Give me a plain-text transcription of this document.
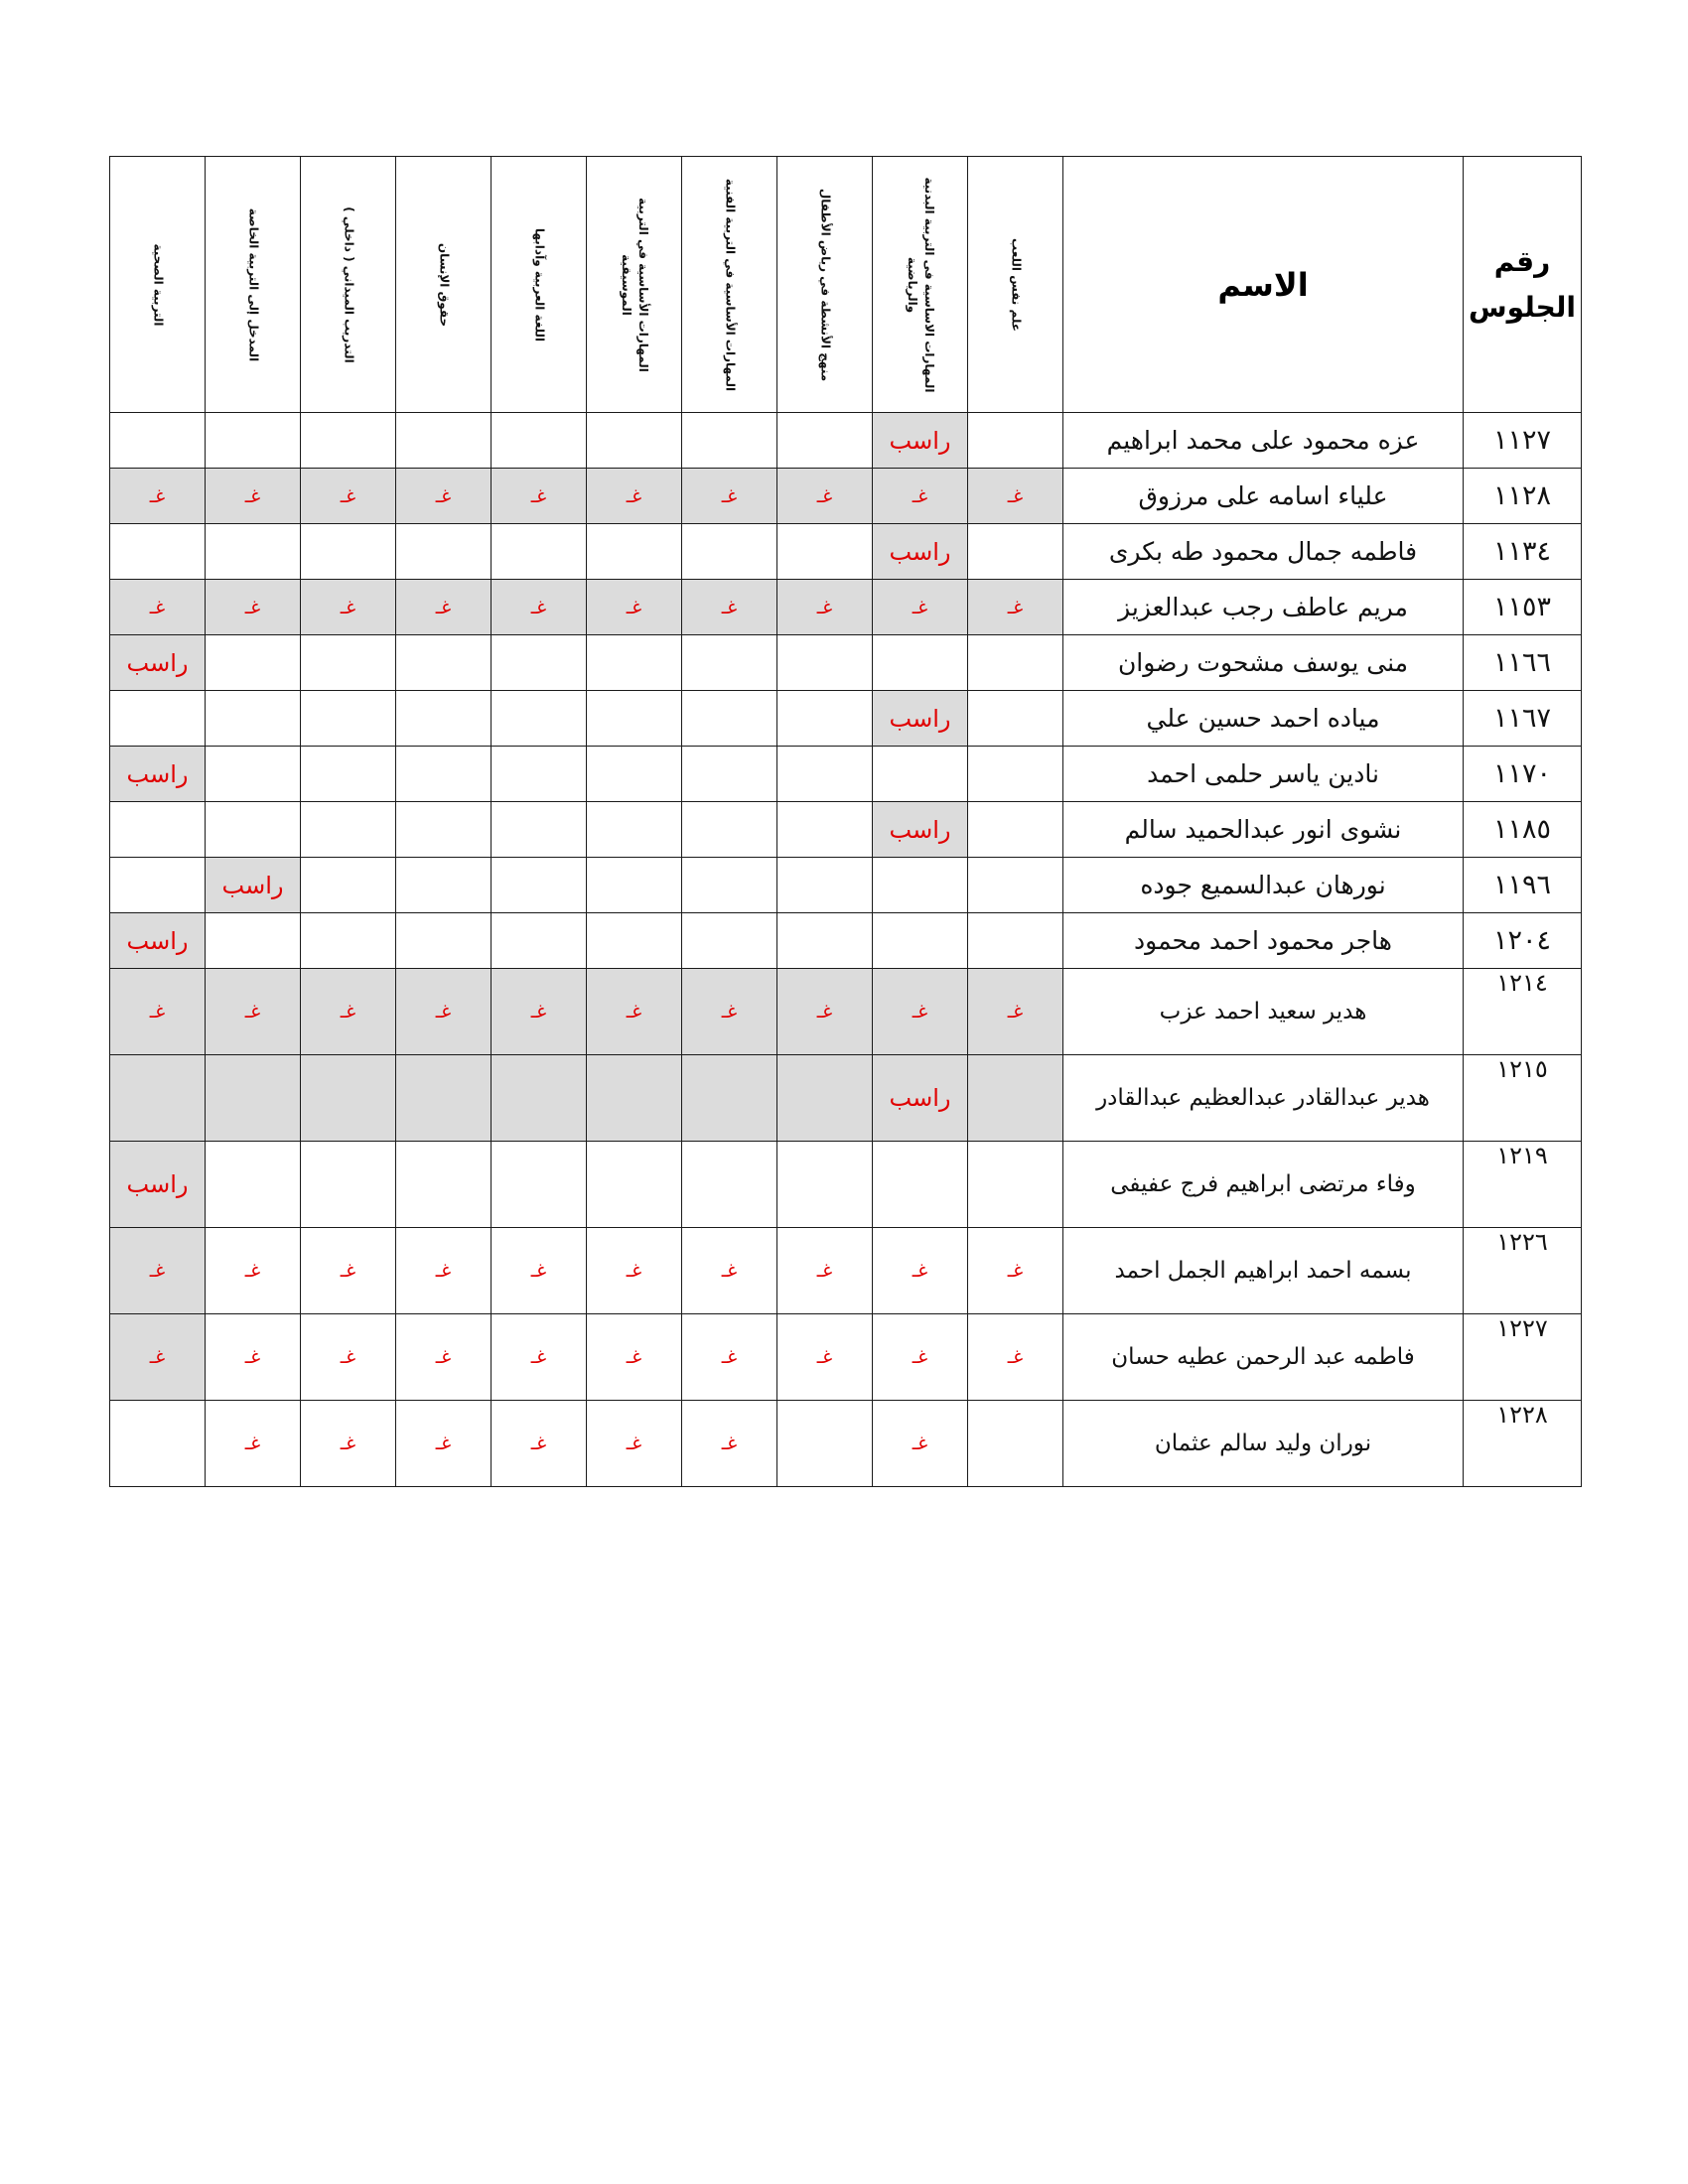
رقم الجلوس	الاسم	علم نفس اللعب	المهارات الاساسية فى التربية البدنية والرياضية	منهج الأنشطة في رياض الأطفال	المهارات الأساسية في التربية الفنية	المهارات الأساسية في التربية الموسيقية	اللغة العربية وآدابها	حقوق الإنسان	التدريب الميداني ( داخلي )	المدخل إلى التربية الخاصة	التربية الصحية

١١٢٧	عزه محمود على محمد ابراهيم		راسب								
١١٢٨	علياء اسامه على مرزوق	غـ	غـ	غـ	غـ	غـ	غـ	غـ	غـ	غـ	غـ
١١٣٤	فاطمه جمال محمود طه بكرى		راسب								
١١٥٣	مريم عاطف رجب عبدالعزيز	غـ	غـ	غـ	غـ	غـ	غـ	غـ	غـ	غـ	غـ
١١٦٦	منى يوسف مشحوت رضوان										راسب
١١٦٧	مياده احمد حسين علي		راسب								
١١٧٠	نادين ياسر حلمى احمد										راسب
١١٨٥	نشوى انور عبدالحميد سالم		راسب								
١١٩٦	نورهان عبدالسميع جوده									راسب	
١٢٠٤	هاجر محمود احمد محمود										راسب
١٢١٤	هدير سعيد احمد عزب	غـ	غـ	غـ	غـ	غـ	غـ	غـ	غـ	غـ	غـ
١٢١٥	هدير عبدالقادر عبدالعظيم عبدالقادر		راسب								
١٢١٩	وفاء مرتضى ابراهيم فرج عفيفى										راسب
١٢٢٦	بسمه احمد ابراهيم الجمل احمد	غـ	غـ	غـ	غـ	غـ	غـ	غـ	غـ	غـ	غـ
١٢٢٧	فاطمه عبد الرحمن عطيه حسان	غـ	غـ	غـ	غـ	غـ	غـ	غـ	غـ	غـ	غـ
١٢٢٨	نوران وليد سالم عثمان		غـ		غـ	غـ	غـ	غـ	غـ	غـ	
